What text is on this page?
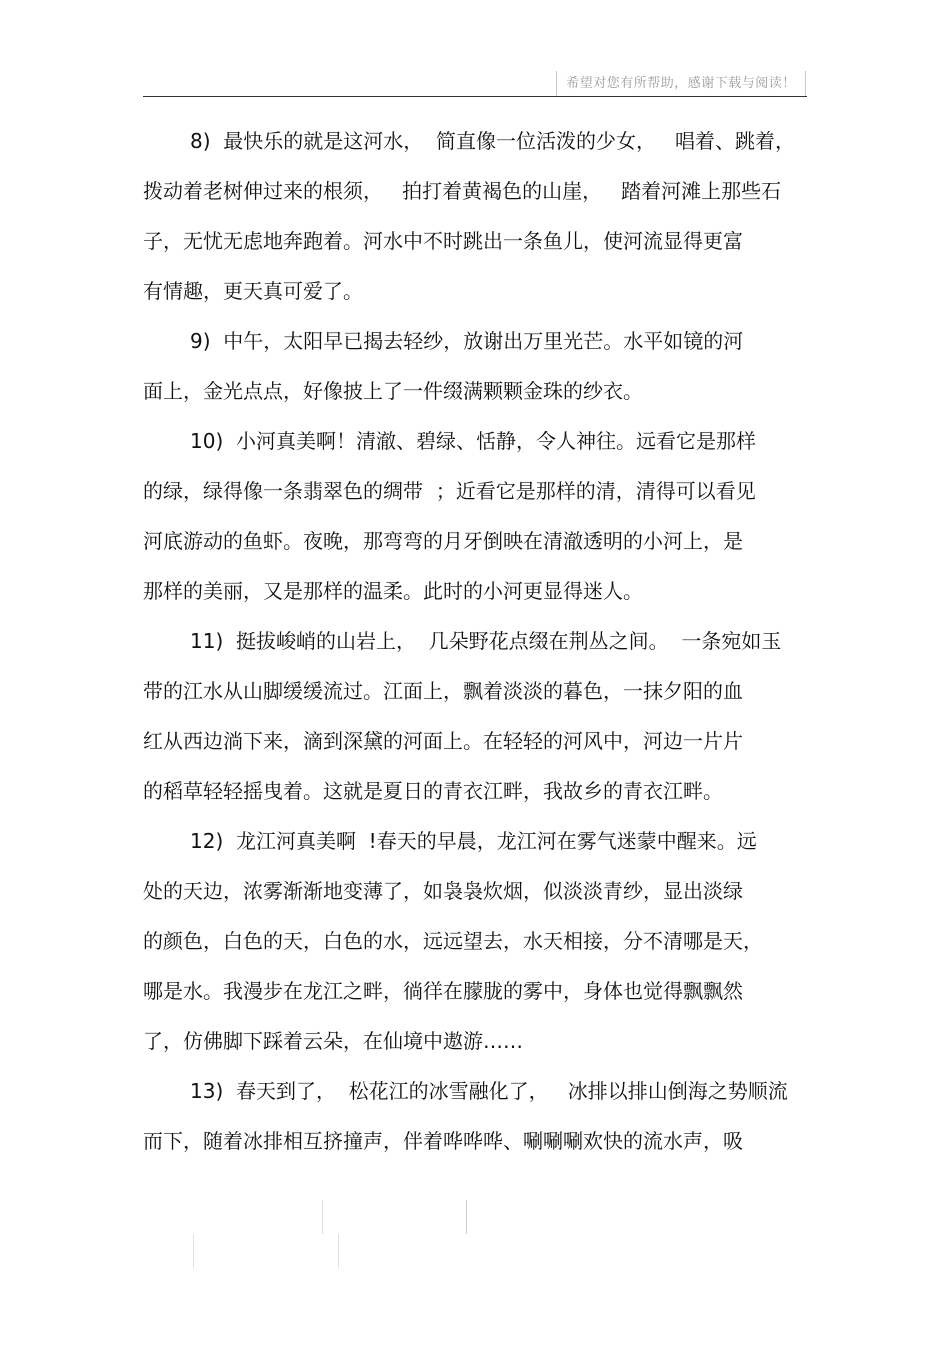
希望对您有所帮助，感谢下载与阅读！
8)  最快乐的就是这河水，  简直像一位活泼的少女，   唱着、跳着，
拨动着老树伸过来的根须，   拍打着黄褐色的山崖，   踏着河滩上那些石
子，无忧无虑地奔跑着。河水中不时跳出一条鱼儿，使河流显得更富
有情趣，更天真可爱了。
9)  中午，太阳早已揭去轻纱，放谢出万里光芒。水平如镜的河
面上，金光点点，好像披上了一件缀满颗颗金珠的纱衣。
10)  小河真美啊！清澈、碧绿、恬静，令人神往。远看它是那样
的绿，绿得像一条翡翠色的绸带  ；近看它是那样的清，清得可以看见
河底游动的鱼虾。夜晚，那弯弯的月牙倒映在清澈透明的小河上，是
那样的美丽，又是那样的温柔。此时的小河更显得迷人。
11)  挺拔峻峭的山岩上，  几朵野花点缀在荆丛之间。  一条宛如玉
带的江水从山脚缓缓流过。江面上，飘着淡淡的暮色，一抹夕阳的血
红从西边淌下来，滴到深黛的河面上。在轻轻的河风中，河边一片片
的稻草轻轻摇曳着。这就是夏日的青衣江畔，我故乡的青衣江畔。
12)  龙江河真美啊  !春天的早晨，龙江河在雾气迷蒙中醒来。远
处的天边，浓雾渐渐地变薄了，如袅袅炊烟，似淡淡青纱，显出淡绿
的颜色，白色的天，白色的水，远远望去，水天相接，分不清哪是天，
哪是水。我漫步在龙江之畔，徜徉在朦胧的雾中，身体也觉得飘飘然
了，仿佛脚下踩着云朵，在仙境中遨游……
13)  春天到了，  松花江的冰雪融化了，   冰排以排山倒海之势顺流
而下，随着冰排相互挤撞声，伴着哗哗哗、唰唰唰欢快的流水声，吸
